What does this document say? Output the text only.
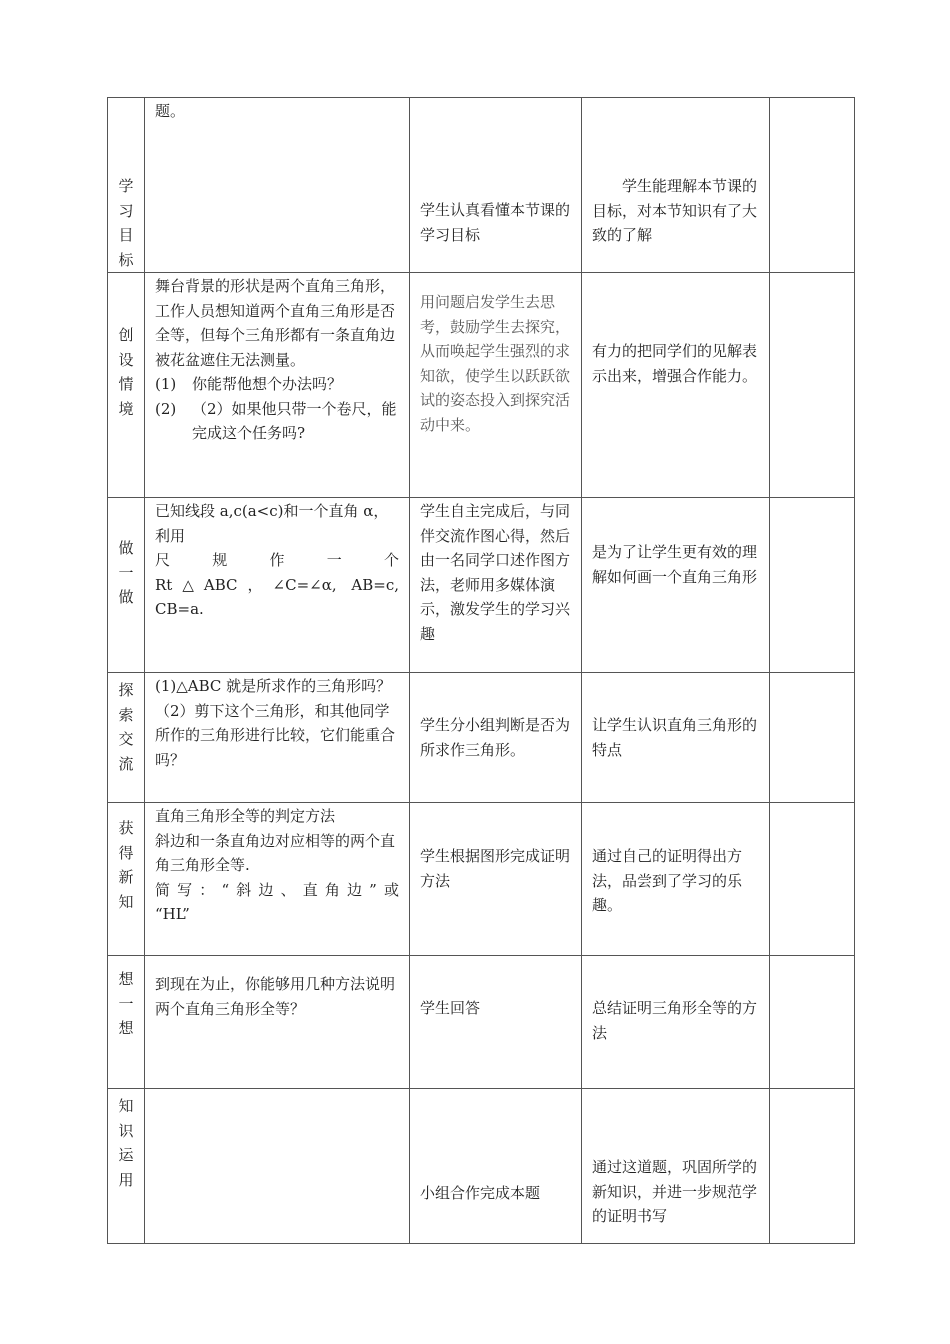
学习目标	题。	学生认真看懂本节课的学习目标	学生能理解本节课的目标，对本节知识有了大致的了解	

创设情境	舞台背景的形状是两个直角三角形，工作人员想知道两个直角三角形是否全等，但每个三角形都有一条直角边被花盆遮住无法测量。
(1) 你能帮他想个办法吗？
(2) （2）如果他只带一个卷尺，能完成这个任务吗?	用问题启发学生去思考，鼓励学生去探究，从而唤起学生强烈的求知欲，使学生以跃跃欲试的姿态投入到探究活动中来。	有力的把同学们的见解表示出来，增强合作能力。	

做一做	已知线段 a,c(a<c)和一个直角 α，利用
尺 规 作 一 个
Rt△ABC，∠C=∠α, AB=c,
CB=a.	学生自主完成后，与同伴交流作图心得，然后由一名同学口述作图方法，老师用多媒体演示，激发学生的学习兴趣	是为了让学生更有效的理解如何画一个直角三角形	

探索交流	(1)△ABC 就是所求作的三角形吗？
（2）剪下这个三角形，和其他同学所作的三角形进行比较，它们能重合吗？	学生分小组判断是否为所求作三角形。	让学生认识直角三角形的特点	

获得新知	直角三角形全等的判定方法
斜边和一条直角边对应相等的两个直角三角形全等.
简写：“斜边、直角边”或
“HL”	学生根据图形完成证明方法	通过自己的证明得出方法，品尝到了学习的乐趣。	

想一想	到现在为止，你能够用几种方法说明两个直角三角形全等？	学生回答	总结证明三角形全等的方法	

知识运用		小组合作完成本题	通过这道题，巩固所学的新知识，并进一步规范学的证明书写	
